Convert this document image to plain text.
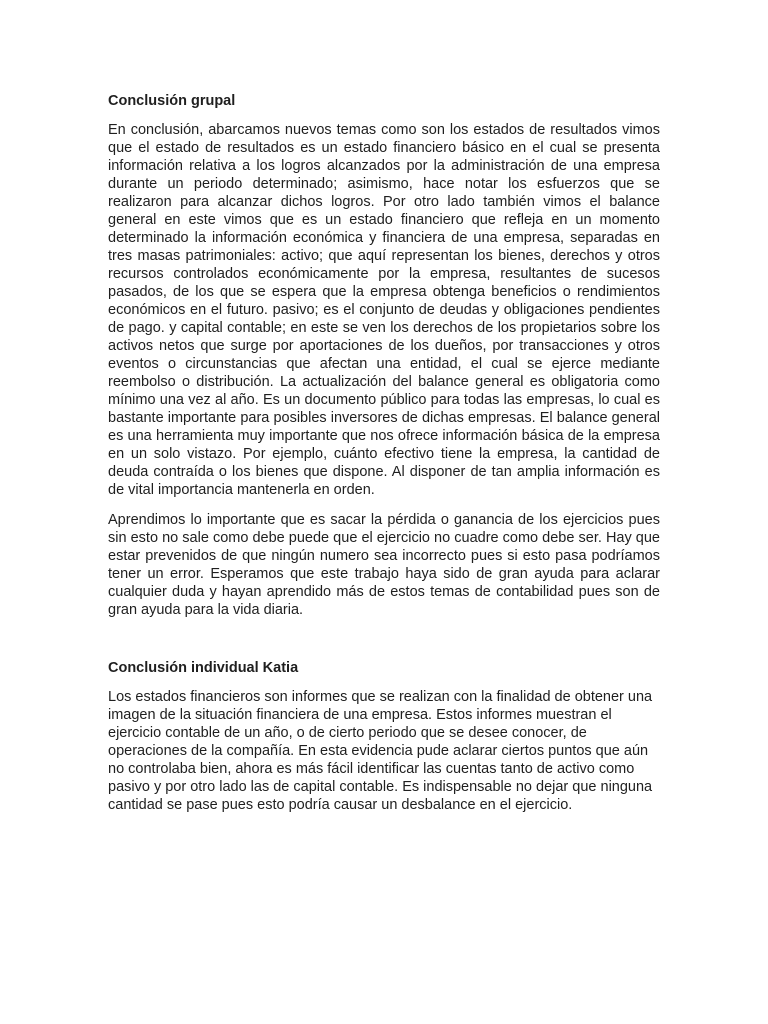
Conclusión grupal

En conclusión, abarcamos nuevos temas como son los estados de resultados vimos que el estado de resultados es un estado financiero básico en el cual se presenta información relativa a los logros alcanzados por la administración de una empresa durante un periodo determinado; asimismo, hace notar los esfuerzos que se realizaron para alcanzar dichos logros. Por otro lado también vimos el balance general en este vimos que es un estado financiero que refleja en un momento determinado la información económica y financiera de una empresa, separadas en tres masas patrimoniales: activo; que aquí representan los bienes, derechos y otros recursos controlados económicamente por la empresa, resultantes de sucesos pasados, de los que se espera que la empresa obtenga beneficios o rendimientos económicos en el futuro. pasivo; es el conjunto de deudas y obligaciones pendientes de pago. y capital contable; en este se ven los derechos de los propietarios sobre los activos netos que surge por aportaciones de los dueños, por transacciones y otros eventos o circunstancias que afectan una entidad, el cual se ejerce mediante reembolso o distribución. La actualización del balance general es obligatoria como mínimo una vez al año. Es un documento público para todas las empresas, lo cual es bastante importante para posibles inversores de dichas empresas. El balance general es una herramienta muy importante que nos ofrece información básica de la empresa en un solo vistazo. Por ejemplo, cuánto efectivo tiene la empresa, la cantidad de deuda contraída o los bienes que dispone. Al disponer de tan amplia información es de vital importancia mantenerla en orden.

Aprendimos lo importante que es sacar la pérdida o ganancia de los ejercicios pues sin esto no sale como debe puede que el ejercicio no cuadre como debe ser. Hay que estar prevenidos de que ningún numero sea incorrecto pues si esto pasa podríamos tener un error. Esperamos que este trabajo haya sido de gran ayuda para aclarar cualquier duda y hayan aprendido más de estos temas de contabilidad pues son de gran ayuda para la vida diaria.

Conclusión individual Katia

Los estados financieros son informes que se realizan con la finalidad de obtener una imagen de la situación financiera de una empresa. Estos informes muestran el ejercicio contable de un año, o de cierto periodo que se desee conocer, de operaciones de la compañía. En esta evidencia pude aclarar ciertos puntos que aún no controlaba bien, ahora es más fácil identificar las cuentas tanto de activo como pasivo y por otro lado las de capital contable. Es indispensable no dejar que ninguna cantidad se pase pues esto podría causar un desbalance en el ejercicio.
